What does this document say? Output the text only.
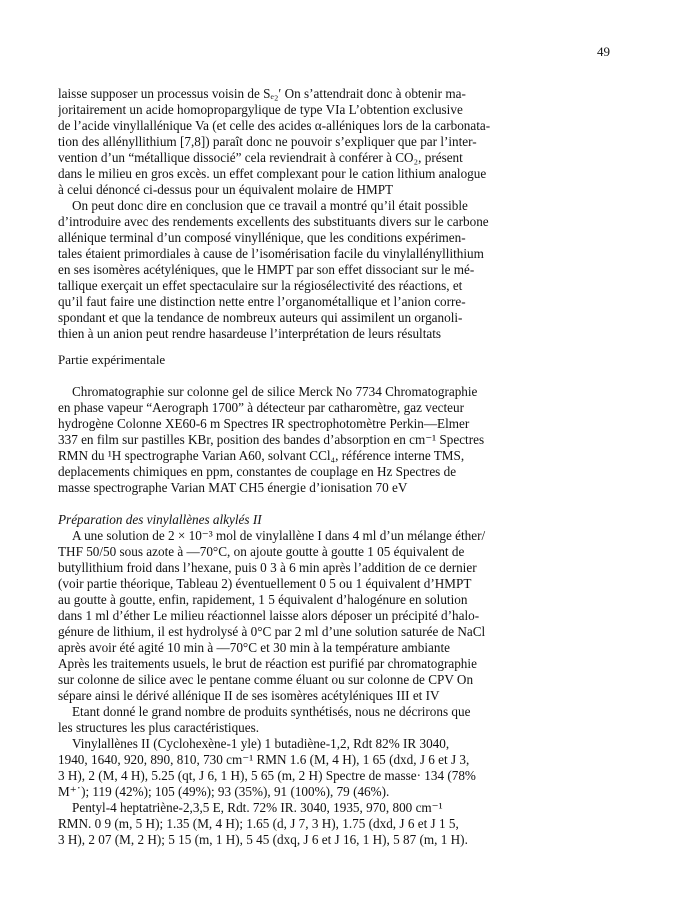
49
laisse supposer un processus voisin de Sₑ₂′ On s’attendrait donc à obtenir ma-
joritairement un acide homopropargylique de type VIa L’obtention exclusive
de l’acide vinyllallénique Va (et celle des acides α-alléniques lors de la carbonata-
tion des allényllithium [7,8]) paraît donc ne pouvoir s’expliquer que par l’inter-
vention d’un “métallique dissocié” cela reviendrait à conférer à CO₂, présent
dans le milieu en gros excès. un effet complexant pour le cation lithium analogue
à celui dénoncé ci-dessus pour un équivalent molaire de HMPT
On peut donc dire en conclusion que ce travail a montré qu’il était possible
d’introduire avec des rendements excellents des substituants divers sur le carbone
allénique terminal d’un composé vinyllénique, que les conditions expérimen-
tales étaient primordiales à cause de l’isomérisation facile du vinylallényllithium
en ses isomères acétyléniques, que le HMPT par son effet dissociant sur le mé-
tallique exerçait un effet spectaculaire sur la régiosélectivité des réactions, et
qu’il faut faire une distinction nette entre l’organométallique et l’anion corre-
spondant et que la tendance de nombreux auteurs qui assimilent un organoli-
thien à un anion peut rendre hasardeuse l’interprétation de leurs résultats
Partie expérimentale
Chromatographie sur colonne gel de silice Merck No 7734 Chromatographie
en phase vapeur “Aerograph 1700” à détecteur par catharomètre, gaz vecteur
hydrogène Colonne XE60-6 m Spectres IR spectrophotomètre Perkin—Elmer
337 en film sur pastilles KBr, position des bandes d’absorption en cm⁻¹ Spectres
RMN du ¹H spectrographe Varian A60, solvant CCl₄, référence interne TMS,
deplacements chimiques en ppm, constantes de couplage en Hz Spectres de
masse spectrographe Varian MAT CH5 énergie d’ionisation 70 eV
Préparation des vinylallènes alkylés II
A une solution de 2 × 10⁻³ mol de vinylallène I dans 4 ml d’un mélange éther/
THF 50/50 sous azote à —70°C, on ajoute goutte à goutte 1 05 équivalent de
butyllithium froid dans l’hexane, puis 0 3 à 6 min après l’addition de ce dernier
(voir partie théorique, Tableau 2) éventuellement 0 5 ou 1 équivalent d’HMPT
au goutte à goutte, enfin, rapidement, 1 5 équivalent d’halogénure en solution
dans 1 ml d’éther Le milieu réactionnel laisse alors déposer un précipité d’halo-
génure de lithium, il est hydrolysé à 0°C par 2 ml d’une solution saturée de NaCl
après avoir été agité 10 min à —70°C et 30 min à la température ambiante
Après les traitements usuels, le brut de réaction est purifié par chromatographie
sur colonne de silice avec le pentane comme éluant ou sur colonne de CPV On
sépare ainsi le dérivé allénique II de ses isomères acétyléniques III et IV
Etant donné le grand nombre de produits synthétisés, nous ne décrirons que
les structures les plus caractéristiques.
Vinylallènes II (Cyclohexène-1 yle) 1 butadiène-1,2, Rdt 82% IR 3040,
1940, 1640, 920, 890, 810, 730 cm⁻¹ RMN 1.6 (M, 4 H), 1 65 (dxd, J 6 et J 3,
3 H), 2 (M, 4 H), 5.25 (qt, J 6, 1 H), 5 65 (m, 2 H) Spectre de masse· 134 (78%
M⁺˙); 119 (42%); 105 (49%); 93 (35%), 91 (100%), 79 (46%).
Pentyl-4 heptatriène-2,3,5 E, Rdt. 72% IR. 3040, 1935, 970, 800 cm⁻¹
RMN. 0 9 (m, 5 H); 1.35 (M, 4 H); 1.65 (d, J 7, 3 H), 1.75 (dxd, J 6 et J 1 5,
3 H), 2 07 (M, 2 H); 5 15 (m, 1 H), 5 45 (dxq, J 6 et J 16, 1 H), 5 87 (m, 1 H).
